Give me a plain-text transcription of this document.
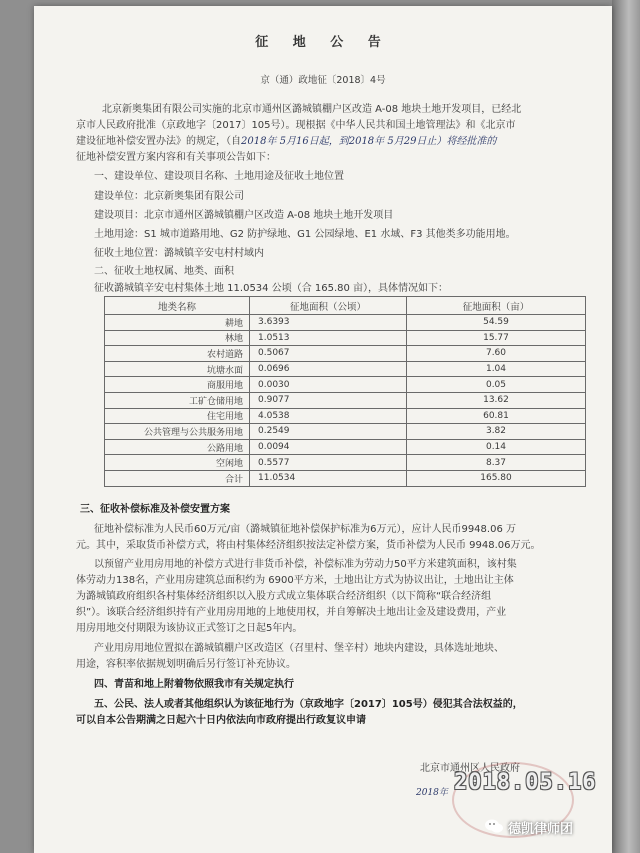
征 地 公 告
京（通）政地征〔2018〕4号
北京新奥集团有限公司实施的北京市通州区潞城镇棚户区改造 A-08 地块土地开发项目，已经北
京市人民政府批准（京政地字〔2017〕105号）。现根据《中华人民共和国土地管理法》和《北京市
建设征地补偿安置办法》的规定，（自2018年 5月16日起，到2018年 5月29日止）将经批准的
征地补偿安置方案内容和有关事项公告如下：
一、建设单位、建设项目名称、土地用途及征收土地位置
建设单位：北京新奥集团有限公司
建设项目：北京市通州区潞城镇棚户区改造 A-08 地块土地开发项目
土地用途：S1 城市道路用地、G2 防护绿地、G1 公园绿地、E1 水域、F3 其他类多功能用地。
征收土地位置：潞城镇辛安屯村村域内
二、征收土地权属、地类、面积
征收潞城镇辛安屯村集体土地 11.0534 公顷（合 165.80 亩），具体情况如下：
地类名称	征地面积（公顷）	征地面积（亩）
耕地	3.6393	54.59
林地	1.0513	15.77
农村道路	0.5067	7.60
坑塘水面	0.0696	1.04
商服用地	0.0030	0.05
工矿仓储用地	0.9077	13.62
住宅用地	4.0538	60.81
公共管理与公共服务用地	0.2549	3.82
公路用地	0.0094	0.14
空闲地	0.5577	8.37
合计	11.0534	165.80
三、征收补偿标准及补偿安置方案
征地补偿标准为人民币60万元/亩（潞城镇征地补偿保护标准为6万元），应计人民币9948.06 万
元。其中，采取货币补偿方式，将由村集体经济组织按法定补偿方案，货币补偿为人民币 9948.06万元。
以预留产业用房用地的补偿方式进行非货币补偿，补偿标准为劳动力50平方米建筑面积，该村集
体劳动力138名，产业用房建筑总面积约为 6900平方米，土地出让方式为协议出让，土地出让主体
为潞城镇政府组织各村集体经济组织以入股方式成立集体联合经济组织（以下简称“联合经济组
织”）。该联合经济组织持有产业用房用地的上地使用权，并自筹解决土地出让金及建设费用，产业
用房用地交付期限为该协议正式签订之日起5年内。
产业用房用地位置拟在潞城镇棚户区改造区（召里村、堡辛村）地块内建设，具体选址地块、
用途，容积率依据规划明确后另行签订补充协议。
四、青苗和地上附着物依照我市有关规定执行
五、公民、法人或者其他组织认为该征地行为（京政地字〔2017〕105号）侵犯其合法权益的，
可以自本公告期满之日起六十日内依法向市政府提出行政复议申请
北京市通州区人民政府
2018年 2018.05.16
德凯律师团
